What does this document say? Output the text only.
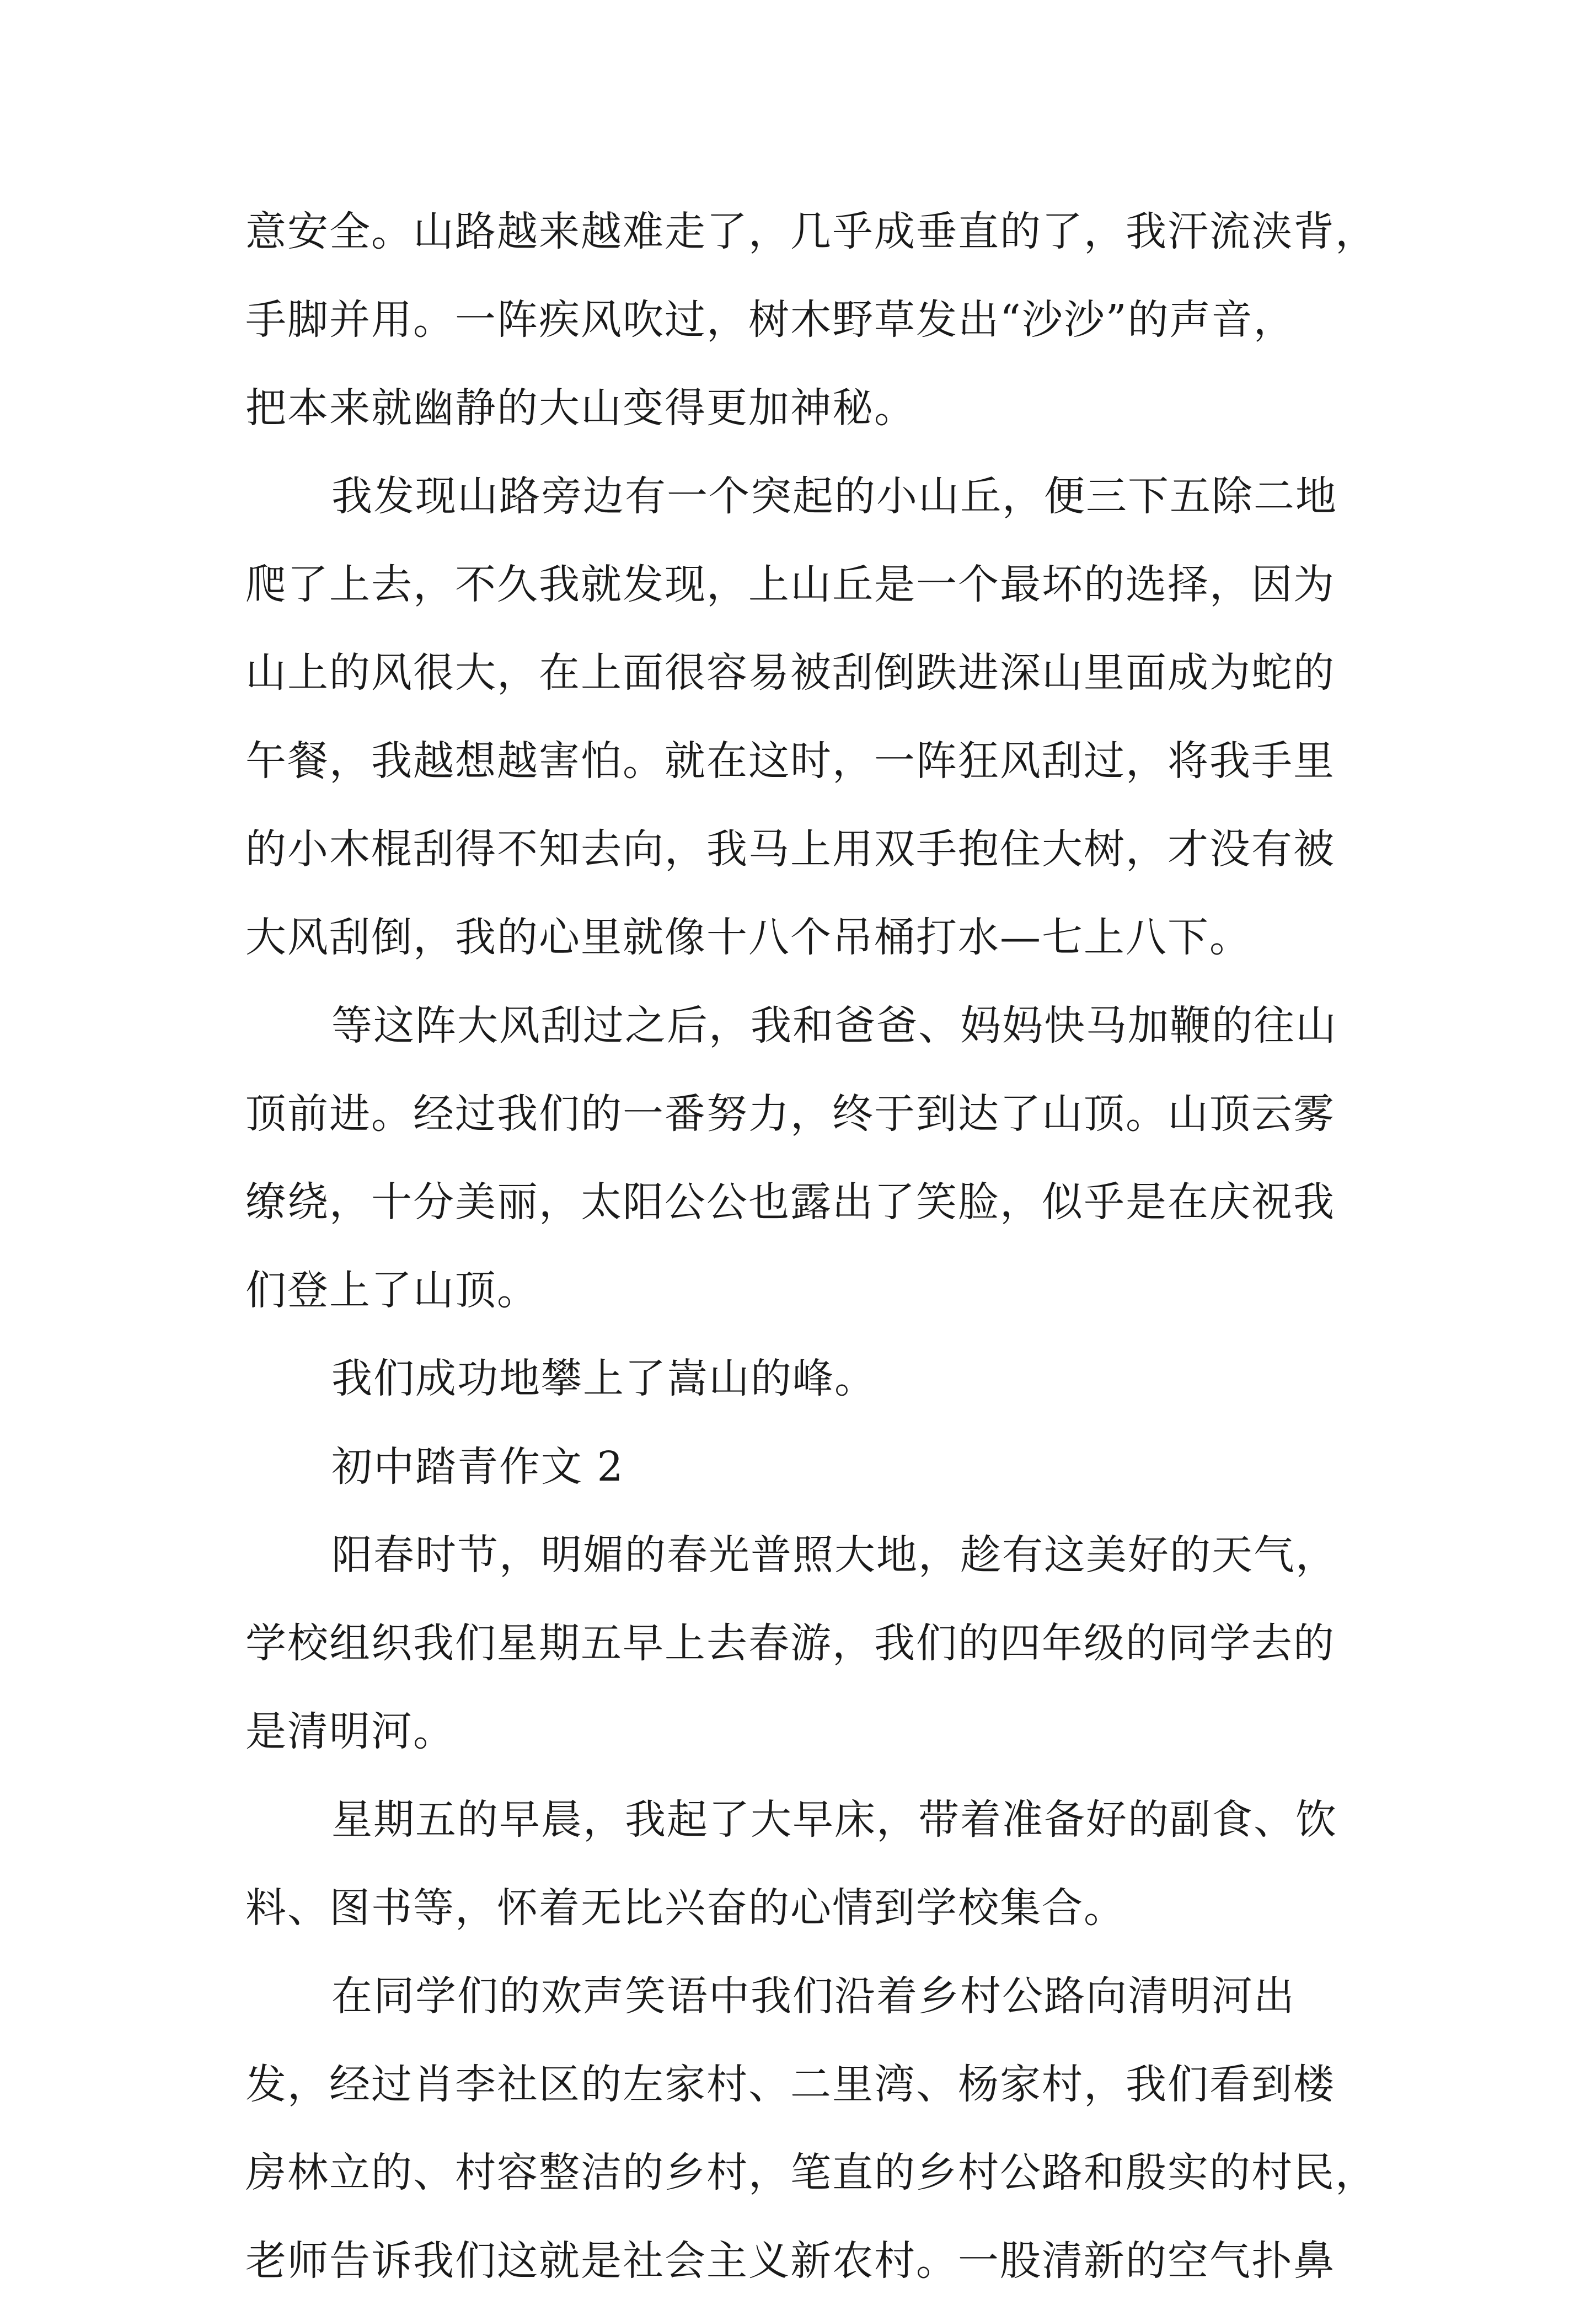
意安全。山路越来越难走了，几乎成垂直的了，我汗流浃背，
手脚并用。一阵疾风吹过，树木野草发出“沙沙”的声音，
把本来就幽静的大山变得更加神秘。
我发现山路旁边有一个突起的小山丘，便三下五除二地
爬了上去，不久我就发现，上山丘是一个最坏的选择，因为
山上的风很大，在上面很容易被刮倒跌进深山里面成为蛇的
午餐，我越想越害怕。就在这时，一阵狂风刮过，将我手里
的小木棍刮得不知去向，我马上用双手抱住大树，才没有被
大风刮倒，我的心里就像十八个吊桶打水—七上八下。
等这阵大风刮过之后，我和爸爸、妈妈快马加鞭的往山
顶前进。经过我们的一番努力，终于到达了山顶。山顶云雾
缭绕，十分美丽，太阳公公也露出了笑脸，似乎是在庆祝我
们登上了山顶。
我们成功地攀上了嵩山的峰。
初中踏青作文 2
阳春时节，明媚的春光普照大地，趁有这美好的天气，
学校组织我们星期五早上去春游，我们的四年级的同学去的
是清明河。
星期五的早晨，我起了大早床，带着准备好的副食、饮
料、图书等，怀着无比兴奋的心情到学校集合。
在同学们的欢声笑语中我们沿着乡村公路向清明河出
发，经过肖李社区的左家村、二里湾、杨家村，我们看到楼
房林立的、村容整洁的乡村，笔直的乡村公路和殷实的村民，
老师告诉我们这就是社会主义新农村。一股清新的空气扑鼻
